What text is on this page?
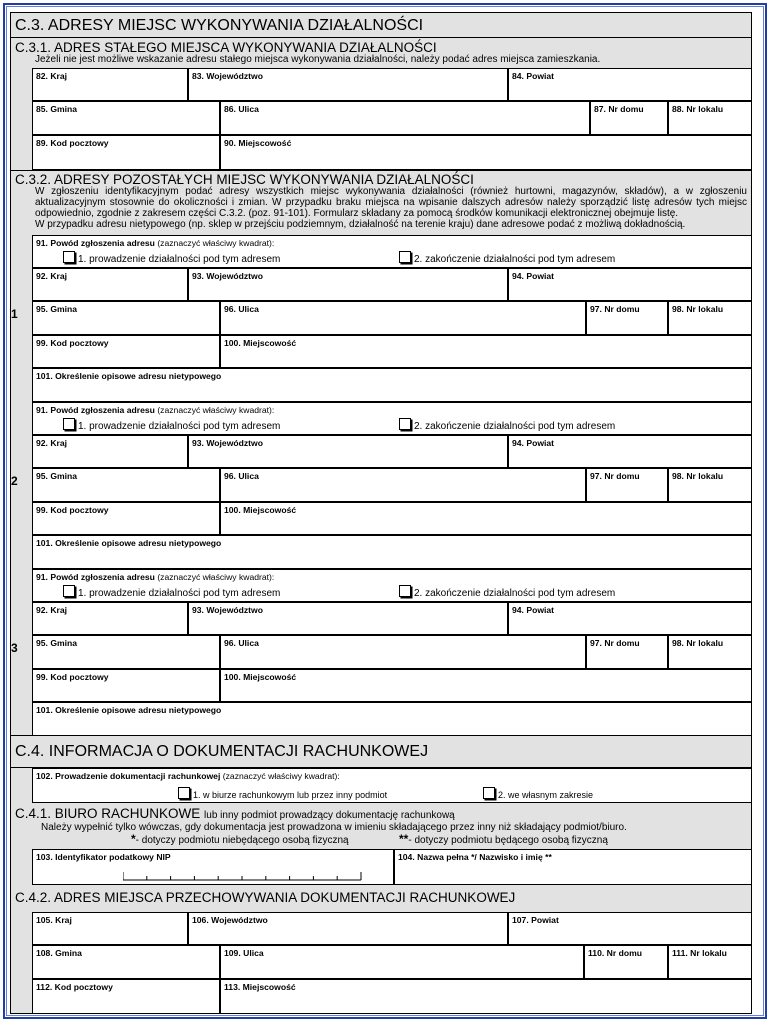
C.3. ADRESY MIEJSC WYKONYWANIA DZIAŁALNOŚCI
C.3.1. ADRES STAŁEGO MIEJSCA WYKONYWANIA DZIAŁALNOŚCI
Jeżeli nie jest możliwe wskazanie adresu stałego miejsca wykonywania działalności, należy podać adres miejsca zamieszkania.
82. Kraj	83. Województwo	84. Powiat
85. Gmina	86. Ulica	87. Nr domu	88. Nr lokalu
89. Kod pocztowy	90. Miejscowość
C.3.2. ADRESY POZOSTAŁYCH MIEJSC WYKONYWANIA DZIAŁALNOŚCI
W zgłoszeniu identyfikacyjnym podać adresy wszystkich miejsc wykonywania działalności (również hurtowni, magazynów, składów), a w zgłoszeniu aktualizacyjnym stosownie do okoliczności i zmian. W przypadku braku miejsca na wpisanie dalszych adresów należy sporządzić listę adresów tych miejsc odpowiednio, zgodnie z zakresem części C.3.2. (poz. 91-101). Formularz składany za pomocą środków komunikacji elektronicznej obejmuje listę.
W przypadku adresu nietypowego (np. sklep w przejściu podziemnym, działalność na terenie kraju) dane adresowe podać z możliwą dokładnością.
1
91. Powód zgłoszenia adresu (zaznaczyć właściwy kwadrat):
1. prowadzenie działalności pod tym adresem	2. zakończenie działalności pod tym adresem
92. Kraj	93. Województwo	94. Powiat
95. Gmina	96. Ulica	97. Nr domu	98. Nr lokalu
99. Kod pocztowy	100. Miejscowość
101. Określenie opisowe adresu nietypowego
2
91. Powód zgłoszenia adresu (zaznaczyć właściwy kwadrat):
1. prowadzenie działalności pod tym adresem	2. zakończenie działalności pod tym adresem
92. Kraj	93. Województwo	94. Powiat
95. Gmina	96. Ulica	97. Nr domu	98. Nr lokalu
99. Kod pocztowy	100. Miejscowość
101. Określenie opisowe adresu nietypowego
3
91. Powód zgłoszenia adresu (zaznaczyć właściwy kwadrat):
1. prowadzenie działalności pod tym adresem	2. zakończenie działalności pod tym adresem
92. Kraj	93. Województwo	94. Powiat
95. Gmina	96. Ulica	97. Nr domu	98. Nr lokalu
99. Kod pocztowy	100. Miejscowość
101. Określenie opisowe adresu nietypowego
C.4. INFORMACJA O DOKUMENTACJI RACHUNKOWEJ
102. Prowadzenie dokumentacji rachunkowej (zaznaczyć właściwy kwadrat):
1. w biurze rachunkowym lub przez inny podmiot	2. we własnym zakresie
C.4.1. BIURO RACHUNKOWE lub inny podmiot prowadzący dokumentację rachunkową
Należy wypełnić tylko wówczas, gdy dokumentacja jest prowadzona w imieniu składającego przez inny niż składający podmiot/biuro.
*- dotyczy podmiotu niebędącego osobą fizyczną	**- dotyczy podmiotu będącego osobą fizyczną
103. Identyfikator podatkowy NIP	104. Nazwa pełna */ Nazwisko i imię **
C.4.2. ADRES MIEJSCA PRZECHOWYWANIA DOKUMENTACJI RACHUNKOWEJ
105. Kraj	106. Województwo	107. Powiat
108. Gmina	109. Ulica	110. Nr domu	111. Nr lokalu
112. Kod pocztowy	113. Miejscowość
